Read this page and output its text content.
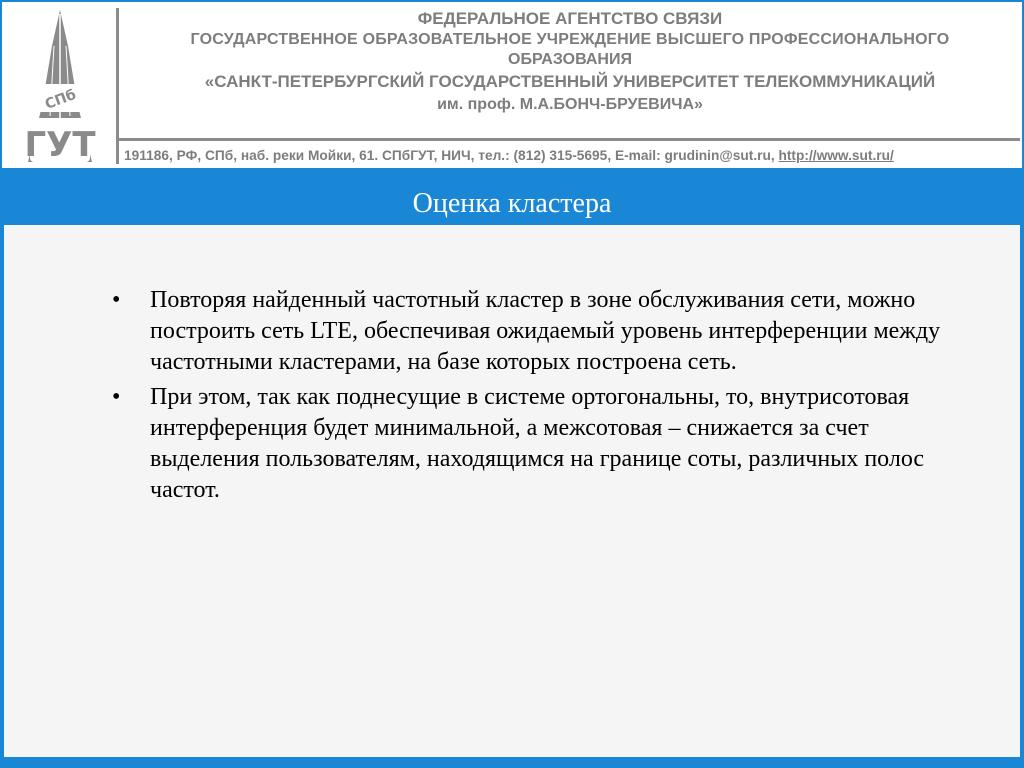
СПб
ГУТ
ФЕДЕРАЛЬНОЕ АГЕНТСТВО СВЯЗИ
ГОСУДАРСТВЕННОЕ ОБРАЗОВАТЕЛЬНОЕ УЧРЕЖДЕНИЕ ВЫСШЕГО ПРОФЕССИОНАЛЬНОГО
ОБРАЗОВАНИЯ
«САНКТ-ПЕТЕРБУРГСКИЙ ГОСУДАРСТВЕННЫЙ УНИВЕРСИТЕТ ТЕЛЕКОММУНИКАЦИЙ
им. проф. М.А.БОНЧ-БРУЕВИЧА»
191186, РФ, СПб, наб. реки Мойки, 61. СПбГУТ, НИЧ, тел.: (812) 315-5695, E-mail: grudinin@sut.ru, http://www.sut.ru/
Оценка кластера
• Повторяя найденный частотный кластер в зоне обслуживания сети, можно построить сеть LTE, обеспечивая ожидаемый уровень интерференции между частотными кластерами, на базе которых построена сеть.
• При этом, так как поднесущие в системе ортогональны, то, внутрисотовая интерференция будет минимальной, а межсотовая – снижается за счет выделения пользователям, находящимся на границе соты, различных полос частот.
